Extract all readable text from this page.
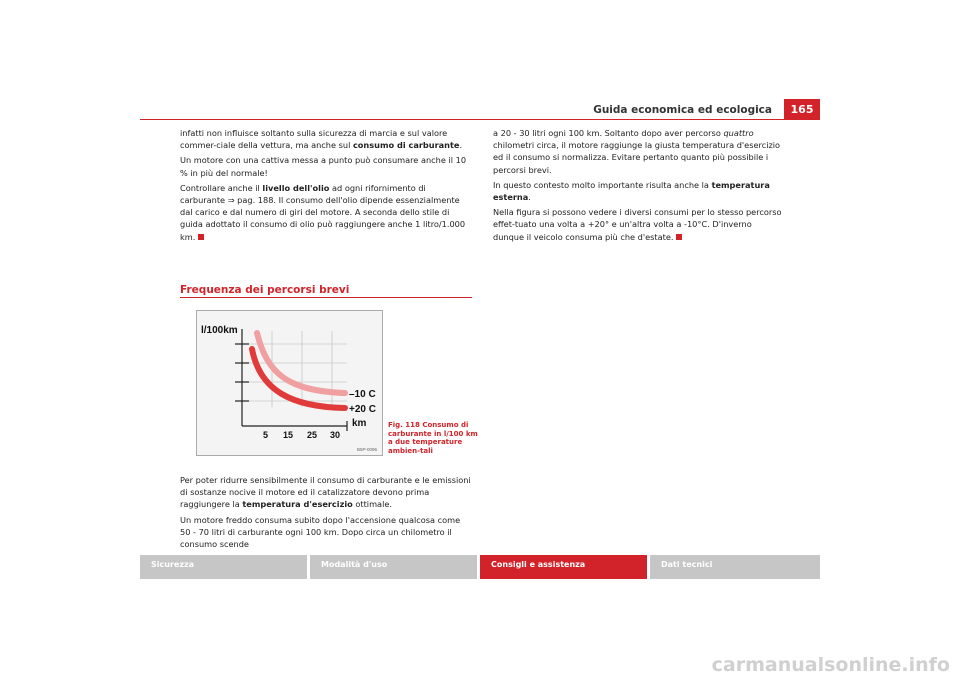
Guida economica ed ecologica	165

infatti non influisce soltanto sulla sicurezza di marcia e sul valore commer-ciale della vettura, ma anche sul consumo di carburante.

Un motore con una cattiva messa a punto può consumare anche il 10 % in più del normale!

Controllare anche il livello dell'olio ad ogni rifornimento di carburante ⇒ pag. 188. Il consumo dell'olio dipende essenzialmente dal carico e dal numero di giri del motore. A seconda dello stile di guida adottato il consumo di olio può raggiungere anche 1 litro/1.000 km.

Frequenza dei percorsi brevi
l/100km
–10 C
+20 C
km
5 15 25 30
B5P-0096
Fig. 118 Consumo di carburante in l/100 km a due temperature ambien-tali

Per poter ridurre sensibilmente il consumo di carburante e le emissioni di sostanze nocive il motore ed il catalizzatore devono prima raggiungere la temperatura d'esercizio ottimale.

Un motore freddo consuma subito dopo l'accensione qualcosa come 50 - 70 litri di carburante ogni 100 km. Dopo circa un chilometro il consumo scende

a 20 - 30 litri ogni 100 km. Soltanto dopo aver percorso quattro chilometri circa, il motore raggiunge la giusta temperatura d'esercizio ed il consumo si normalizza. Evitare pertanto quanto più possibile i percorsi brevi.

In questo contesto molto importante risulta anche la temperatura esterna.

Nella figura si possono vedere i diversi consumi per lo stesso percorso effet-tuato una volta a +20° e un'altra volta a -10°C. D'inverno dunque il veicolo consuma più che d'estate.

Sicurezza	Modalità d'uso	Consigli e assistenza	Dati tecnici
carmanualsonline.info
